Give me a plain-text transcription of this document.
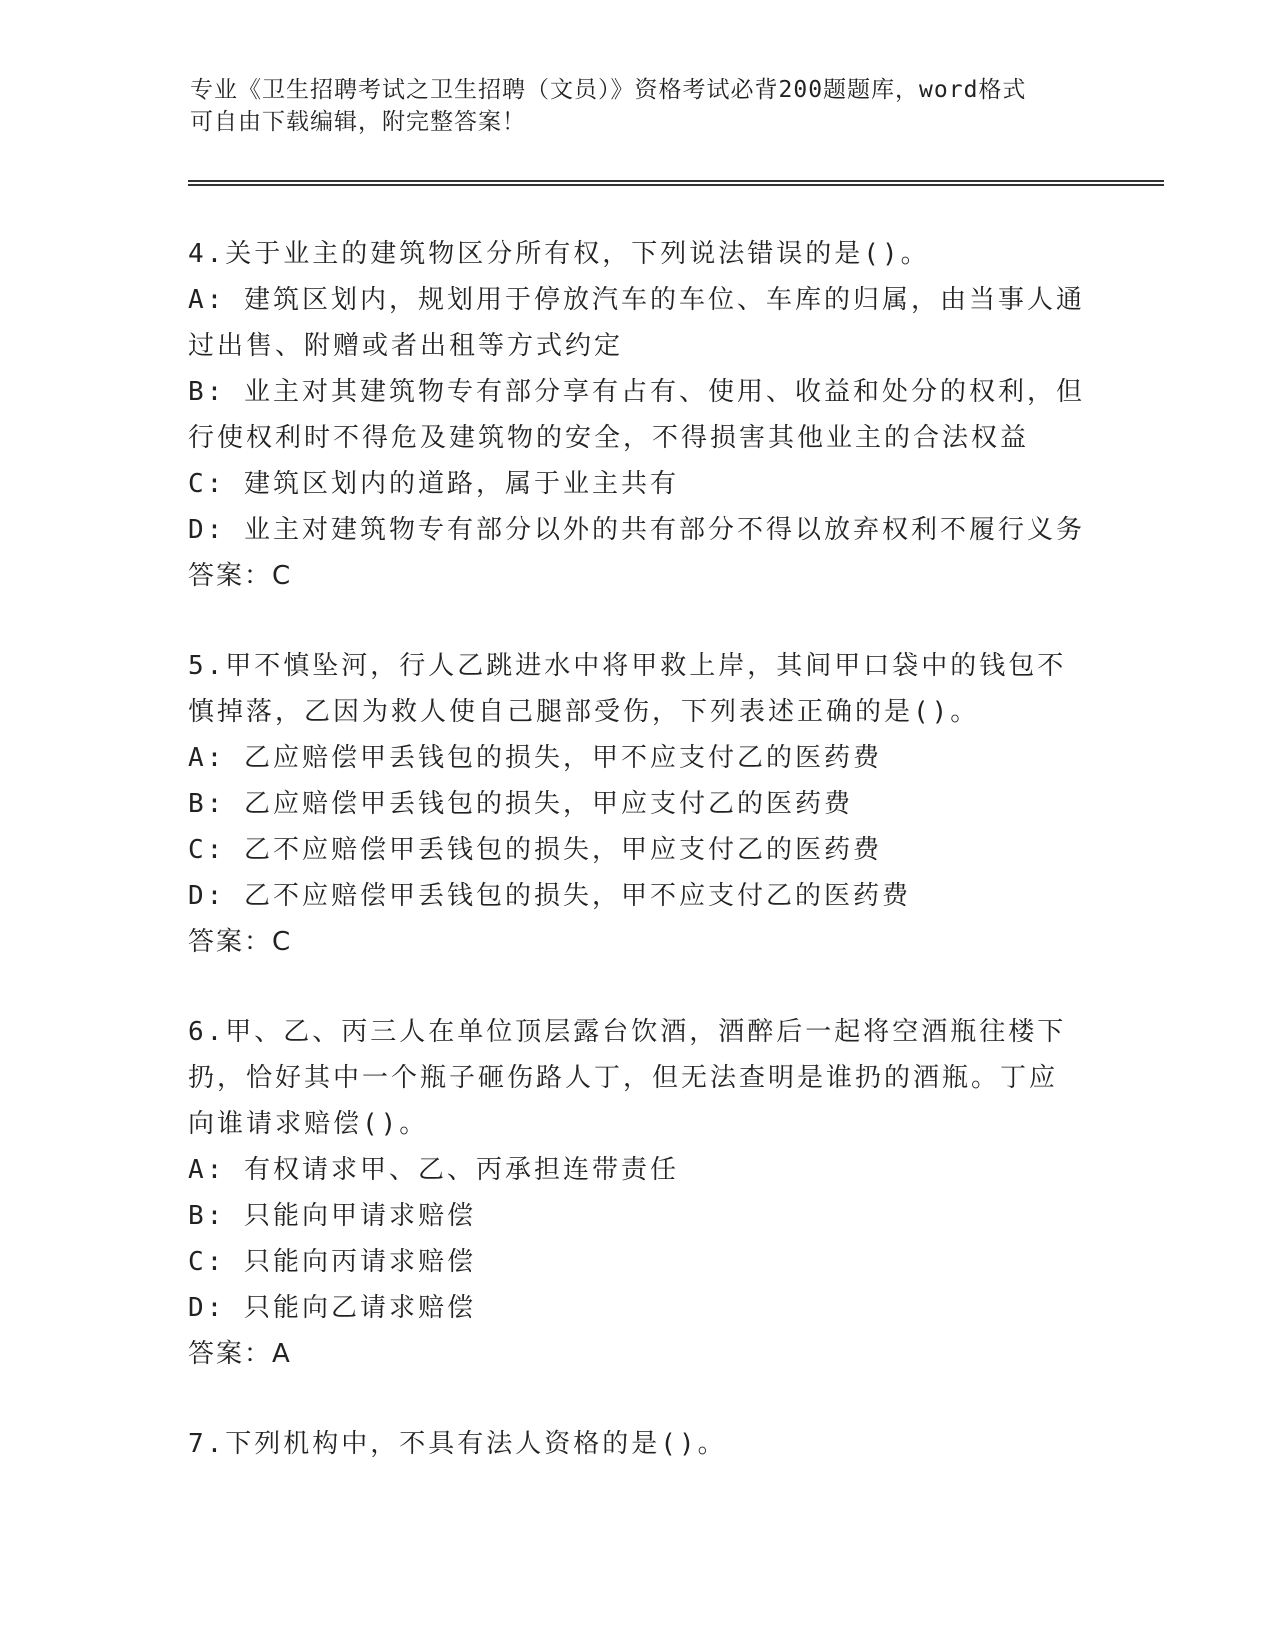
专业《卫生招聘考试之卫生招聘（文员）》资格考试必背200题题库，word格式
可自由下载编辑，附完整答案！
4.关于业主的建筑物区分所有权，下列说法错误的是()。
A: 建筑区划内，规划用于停放汽车的车位、车库的归属，由当事人通
过出售、附赠或者出租等方式约定
B: 业主对其建筑物专有部分享有占有、使用、收益和处分的权利，但
行使权利时不得危及建筑物的安全，不得损害其他业主的合法权益
C: 建筑区划内的道路，属于业主共有
D: 业主对建筑物专有部分以外的共有部分不得以放弃权利不履行义务
答案：C
5.甲不慎坠河，行人乙跳进水中将甲救上岸，其间甲口袋中的钱包不
慎掉落，乙因为救人使自己腿部受伤，下列表述正确的是()。
A: 乙应赔偿甲丢钱包的损失，甲不应支付乙的医药费
B: 乙应赔偿甲丢钱包的损失，甲应支付乙的医药费
C: 乙不应赔偿甲丢钱包的损失，甲应支付乙的医药费
D: 乙不应赔偿甲丢钱包的损失，甲不应支付乙的医药费
答案：C
6.甲、乙、丙三人在单位顶层露台饮酒，酒醉后一起将空酒瓶往楼下
扔，恰好其中一个瓶子砸伤路人丁，但无法查明是谁扔的酒瓶。丁应
向谁请求赔偿()。
A: 有权请求甲、乙、丙承担连带责任
B: 只能向甲请求赔偿
C: 只能向丙请求赔偿
D: 只能向乙请求赔偿
答案：A
7.下列机构中，不具有法人资格的是()。
